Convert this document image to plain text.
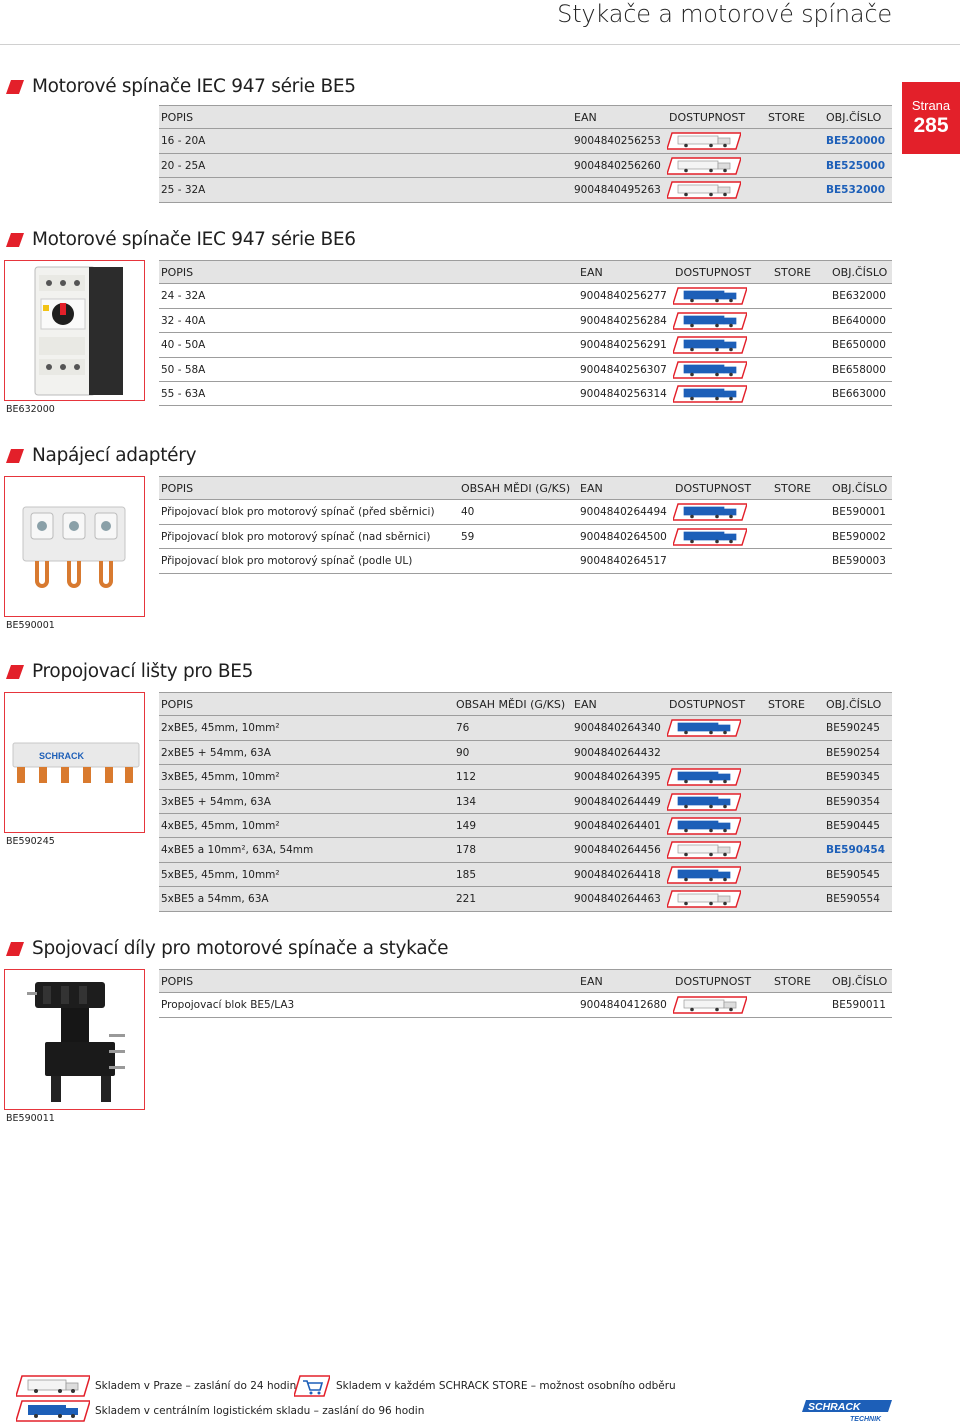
Stykače a motorové spínače
Strana
285
Motorové spínače IEC 947 série BE5
POPIS	EAN	DOSTUPNOST STORE OBJ.ČÍSLO
16 - 20A	9004840256253	BE520000
20 - 25A	9004840256260	BE525000
25 - 32A	9004840495263	BE532000
Motorové spínače IEC 947 série BE6
BE632000
POPIS	EAN	DOSTUPNOST STORE OBJ.ČÍSLO
24 - 32A	9004840256277	BE632000
32 - 40A	9004840256284	BE640000
40 - 50A	9004840256291	BE650000
50 - 58A	9004840256307	BE658000
55 - 63A	9004840256314	BE663000
Napájecí adaptéry
BE590001
POPIS	OBSAH MĚDI (G/KS) EAN	DOSTUPNOST STORE OBJ.ČÍSLO
Připojovací blok pro motorový spínač (před sběrnici)	40	9004840264494	BE590001
Připojovací blok pro motorový spínač (nad sběrnici)	59	9004840264500	BE590002
Připojovací blok pro motorový spínač (podle UL)	9004840264517	BE590003
Propojovací lišty pro BE5
SCHRACK
BE590245
POPIS	OBSAH MĚDI (G/KS) EAN	DOSTUPNOST STORE OBJ.ČÍSLO
2xBE5, 45mm, 10mm²	76	9004840264340	BE590245
2xBE5 + 54mm, 63A	90	9004840264432	BE590254
3xBE5, 45mm, 10mm²	112	9004840264395	BE590345
3xBE5 + 54mm, 63A	134	9004840264449	BE590354
4xBE5, 45mm, 10mm²	149	9004840264401	BE590445
4xBE5 a 10mm², 63A, 54mm	178	9004840264456	BE590454
5xBE5, 45mm, 10mm²	185	9004840264418	BE590545
5xBE5 a 54mm, 63A	221	9004840264463	BE590554
Spojovací díly pro motorové spínače a stykače
BE590011
POPIS	EAN	DOSTUPNOST STORE OBJ.ČÍSLO
Propojovací blok BE5/LA3	9004840412680	BE590011
Skladem v Praze – zaslání do 24 hodin	Skladem v každém SCHRACK STORE – možnost osobního odběru
Skladem v centrálním logistickém skladu – zaslání do 96 hodin	SCHRACK
TECHNIK
